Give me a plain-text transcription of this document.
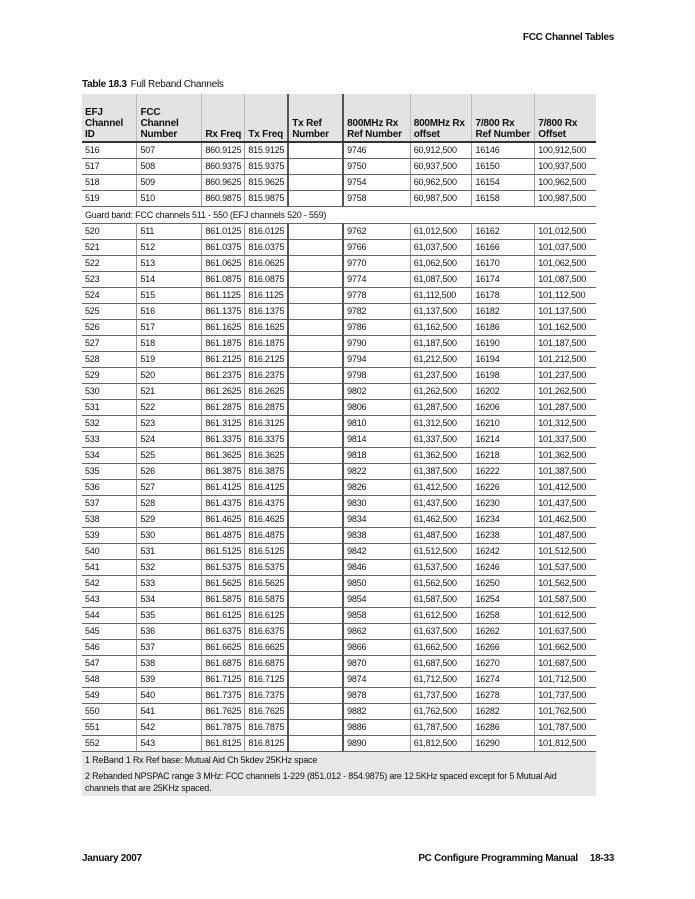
FCC Channel Tables
Table 18.3 Full Reband Channels
EFJ Channel ID	FCC Channel Number	Rx Freq	Tx Freq	Tx Ref Number	800MHz Rx Ref Number	800MHz Rx offset	7/800 Rx Ref Number	7/800 Rx Offset
516	507	860.9125	815.9125		9746	60,912,500	16146	100,912,500
517	508	860.9375	815.9375		9750	60,937,500	16150	100,937,500
518	509	860.9625	815.9625		9754	60,962,500	16154	100,962,500
519	510	860.9875	815.9875		9758	60,987,500	16158	100,987,500
Guard band: FCC channels 511 - 550 (EFJ channels 520 - 559)								
520	511	861.0125	816.0125		9762	61,012,500	16162	101,012,500
521	512	861.0375	816.0375		9766	61,037,500	16166	101,037,500
522	513	861.0625	816.0625		9770	61,062,500	16170	101,062,500
523	514	861.0875	816.0875		9774	61,087,500	16174	101,087,500
524	515	861.1125	816.1125		9778	61,112,500	16178	101,112,500
525	516	861.1375	816.1375		9782	61,137,500	16182	101,137,500
526	517	861.1625	816.1625		9786	61,162,500	16186	101,162,500
527	518	861.1875	816.1875		9790	61,187,500	16190	101,187,500
528	519	861.2125	816.2125		9794	61,212,500	16194	101,212,500
529	520	861.2375	816.2375		9798	61,237,500	16198	101,237,500
530	521	861.2625	816.2625		9802	61,262,500	16202	101,262,500
531	522	861.2875	816.2875		9806	61,287,500	16206	101,287,500
532	523	861.3125	816.3125		9810	61,312,500	16210	101,312,500
533	524	861.3375	816.3375		9814	61,337,500	16214	101,337,500
534	525	861.3625	816.3625		9818	61,362,500	16218	101,362,500
535	526	861.3875	816.3875		9822	61,387,500	16222	101,387,500
536	527	861.4125	816.4125		9826	61,412,500	16226	101,412,500
537	528	861.4375	816.4375		9830	61,437,500	16230	101,437,500
538	529	861.4625	816.4625		9834	61,462,500	16234	101,462,500
539	530	861.4875	816.4875		9838	61,487,500	16238	101,487,500
540	531	861.5125	816.5125		9842	61,512,500	16242	101,512,500
541	532	861.5375	816.5375		9846	61,537,500	16246	101,537,500
542	533	861.5625	816.5625		9850	61,562,500	16250	101,562,500
543	534	861.5875	816.5875		9854	61,587,500	16254	101,587,500
544	535	861.6125	816.6125		9858	61,612,500	16258	101,612,500
545	536	861.6375	816.6375		9862	61,637,500	16262	101,637,500
546	537	861.6625	816.6625		9866	61,662,500	16266	101,662,500
547	538	861.6875	816.6875		9870	61,687,500	16270	101,687,500
548	539	861.7125	816.7125		9874	61,712,500	16274	101,712,500
549	540	861.7375	816.7375		9878	61,737,500	16278	101,737,500
550	541	861.7625	816.7625		9882	61,762,500	16282	101,762,500
551	542	861.7875	816.7875		9886	61,787,500	16286	101,787,500
552	543	861.8125	816.8125		9890	61,812,500	16290	101,812,500
1 ReBand 1 Rx Ref base: Mutual Aid Ch 5kdev 25KHz space								
2 Rebanded NPSPAC range 3 MHz: FCC channels 1-229 (851.012 - 854.9875) are 12.5KHz spaced except for 5 Mutual Aid channels that are 25KHz spaced.								
January 2007	PC Configure Programming Manual 18-33
